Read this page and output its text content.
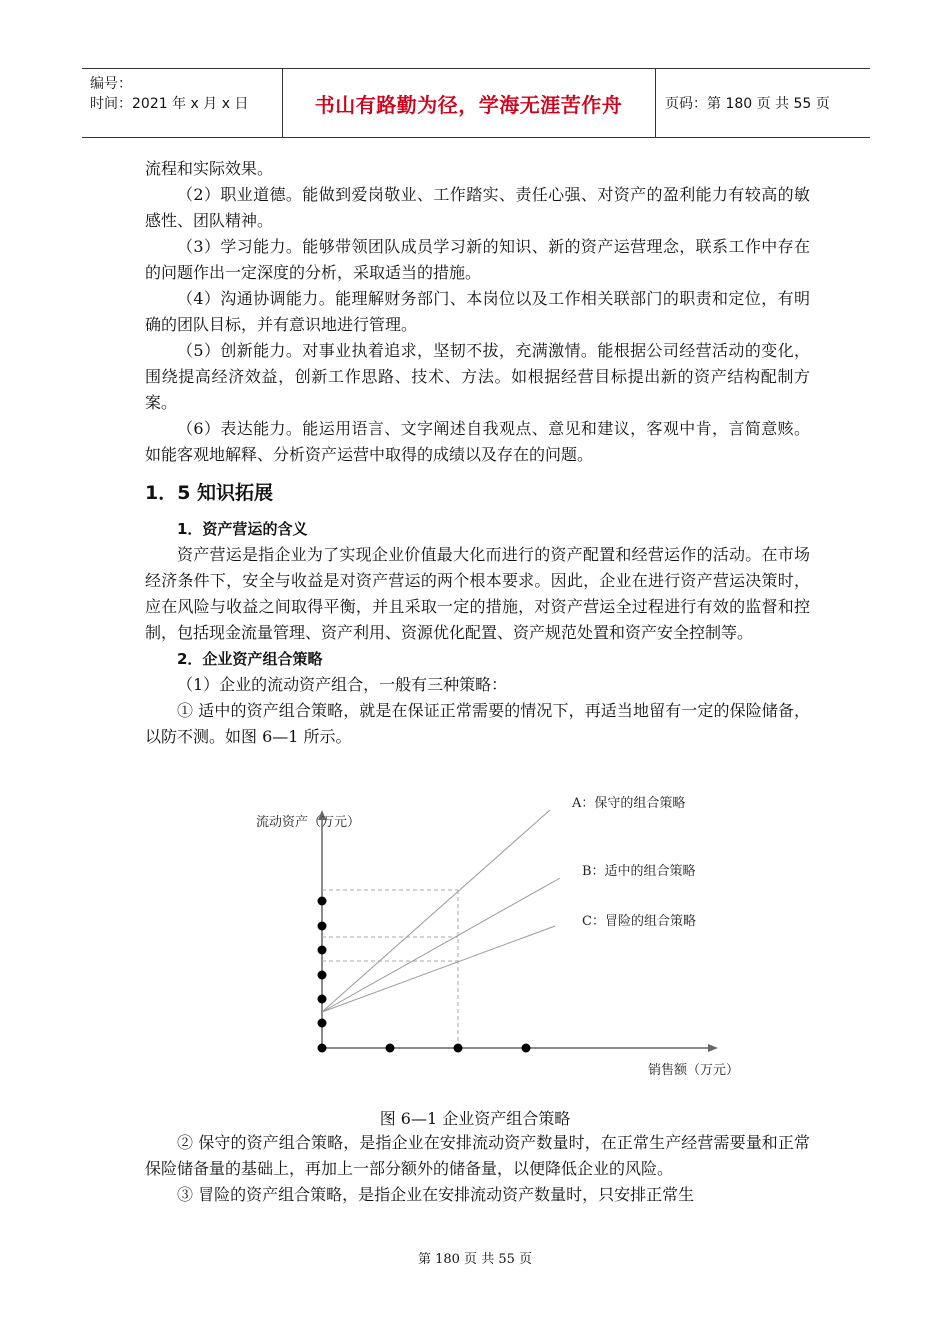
编号：
时间：2021 年 x 月 x 日	书山有路勤为径，学海无涯苦作舟	页码：第 180 页 共 55 页

流程和实际效果。

（2）职业道德。能做到爱岗敬业、工作踏实、责任心强、对资产的盈利能力有较高的敏感性、团队精神。

（3）学习能力。能够带领团队成员学习新的知识、新的资产运营理念，联系工作中存在的问题作出一定深度的分析，采取适当的措施。

（4）沟通协调能力。能理解财务部门、本岗位以及工作相关联部门的职责和定位，有明确的团队目标，并有意识地进行管理。

（5）创新能力。对事业执着追求，坚韧不拔，充满激情。能根据公司经营活动的变化，围绕提高经济效益，创新工作思路、技术、方法。如根据经营目标提出新的资产结构配制方案。

（6）表达能力。能运用语言、文字阐述自我观点、意见和建议，客观中肯，言简意赅。如能客观地解释、分析资产运营中取得的成绩以及存在的问题。

1．5 知识拓展

1．资产营运的含义

资产营运是指企业为了实现企业价值最大化而进行的资产配置和经营运作的活动。在市场经济条件下，安全与收益是对资产营运的两个根本要求。因此，企业在进行资产营运决策时，应在风险与收益之间取得平衡，并且采取一定的措施，对资产营运全过程进行有效的监督和控制，包括现金流量管理、资产利用、资源优化配置、资产规范处置和资产安全控制等。

2．企业资产组合策略

（1）企业的流动资产组合，一般有三种策略：

① 适中的资产组合策略，就是在保证正常需要的情况下，再适当地留有一定的保险储备，以防不测。如图 6—1 所示。

流动资产（万元）
A：保守的组合策略
B：适中的组合策略
C：冒险的组合策略
销售额（万元）
图 6—1 企业资产组合策略

② 保守的资产组合策略，是指企业在安排流动资产数量时，在正常生产经营需要量和正常保险储备量的基础上，再加上一部分额外的储备量，以便降低企业的风险。

③ 冒险的资产组合策略，是指企业在安排流动资产数量时，只安排正常生

第 180 页 共 55 页
